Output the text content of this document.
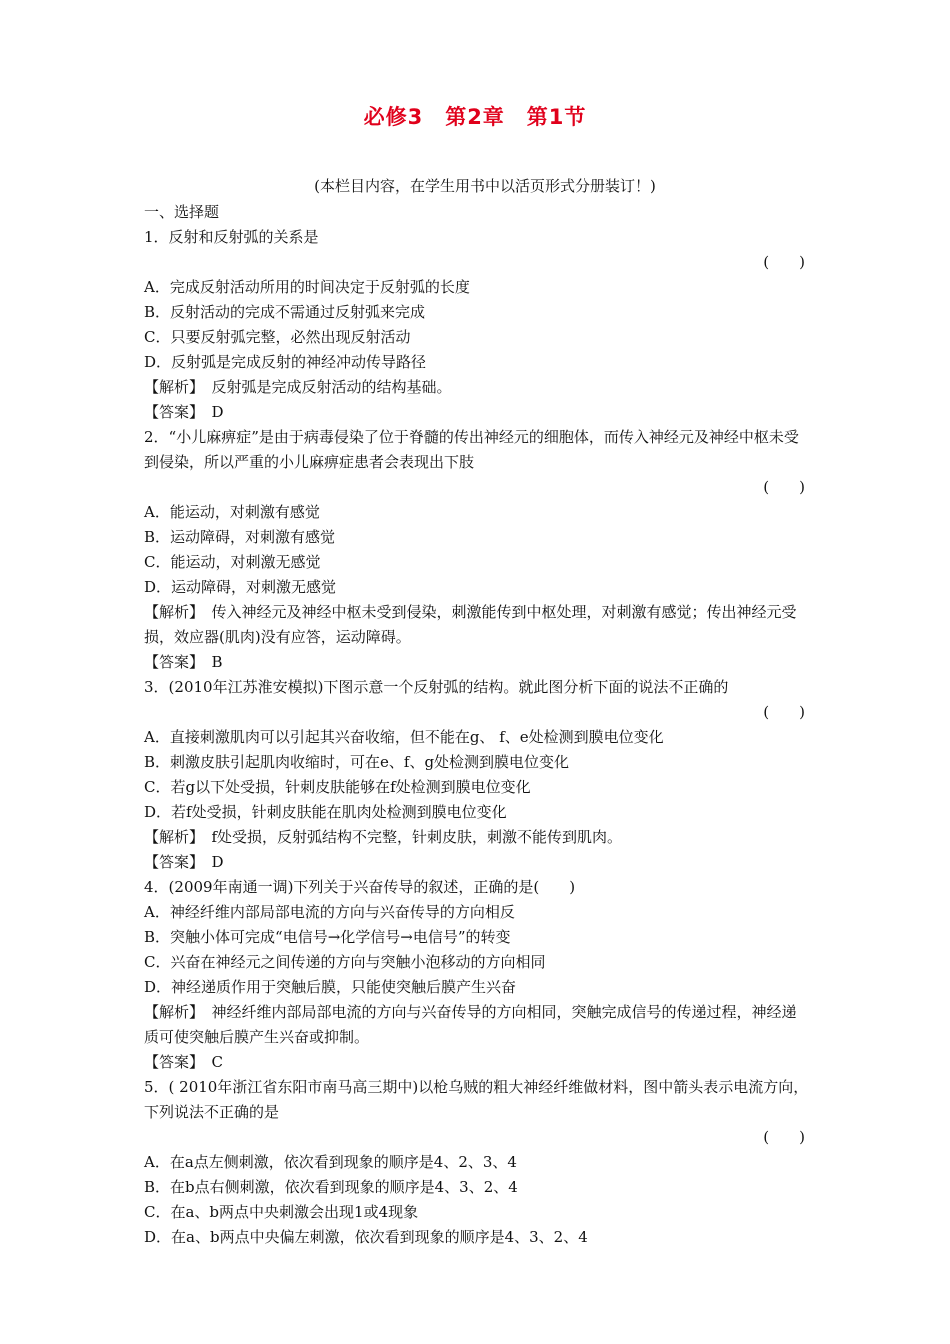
必修3　第2章　第1节
(本栏目内容，在学生用书中以活页形式分册装订！)
一、选择题
1．反射和反射弧的关系是
(　　)
A．完成反射活动所用的时间决定于反射弧的长度
B．反射活动的完成不需通过反射弧来完成
C．只要反射弧完整，必然出现反射活动
D．反射弧是完成反射的神经冲动传导路径
【解析】　反射弧是完成反射活动的结构基础。
【答案】　D
2．“小儿麻痹症”是由于病毒侵染了位于脊髓的传出神经元的细胞体，而传入神经元及神经中枢未受到侵染，所以严重的小儿麻痹症患者会表现出下肢
(　　)
A．能运动，对刺激有感觉
B．运动障碍，对刺激有感觉
C．能运动，对刺激无感觉
D．运动障碍，对刺激无感觉
【解析】　传入神经元及神经中枢未受到侵染，刺激能传到中枢处理，对刺激有感觉；传出神经元受损，效应器(肌肉)没有应答，运动障碍。
【答案】　B
3．(2010年江苏淮安模拟)下图示意一个反射弧的结构。就此图分析下面的说法不正确的
(　　)
A．直接刺激肌肉可以引起其兴奋收缩，但不能在g、 f、e处检测到膜电位变化
B．刺激皮肤引起肌肉收缩时，可在e、f、g处检测到膜电位变化
C．若g以下处受损，针刺皮肤能够在f处检测到膜电位变化
D．若f处受损，针刺皮肤能在肌肉处检测到膜电位变化
【解析】　f处受损，反射弧结构不完整，针刺皮肤，刺激不能传到肌肉。
【答案】　D
4．(2009年南通一调)下列关于兴奋传导的叙述，正确的是(　　)
A．神经纤维内部局部电流的方向与兴奋传导的方向相反
B．突触小体可完成“电信号→化学信号→电信号”的转变
C．兴奋在神经元之间传递的方向与突触小泡移动的方向相同
D．神经递质作用于突触后膜，只能使突触后膜产生兴奋
【解析】　神经纤维内部局部电流的方向与兴奋传导的方向相同，突触完成信号的传递过程，神经递质可使突触后膜产生兴奋或抑制。
【答案】　C
5．( 2010年浙江省东阳市南马高三期中)以枪乌贼的粗大神经纤维做材料，图中箭头表示电流方向，下列说法不正确的是
(　　)
A．在a点左侧刺激，依次看到现象的顺序是4、2、3、4
B．在b点右侧刺激，依次看到现象的顺序是4、3、2、4
C．在a、b两点中央刺激会出现1或4现象
D．在a、b两点中央偏左刺激，依次看到现象的顺序是4、3、2、4
